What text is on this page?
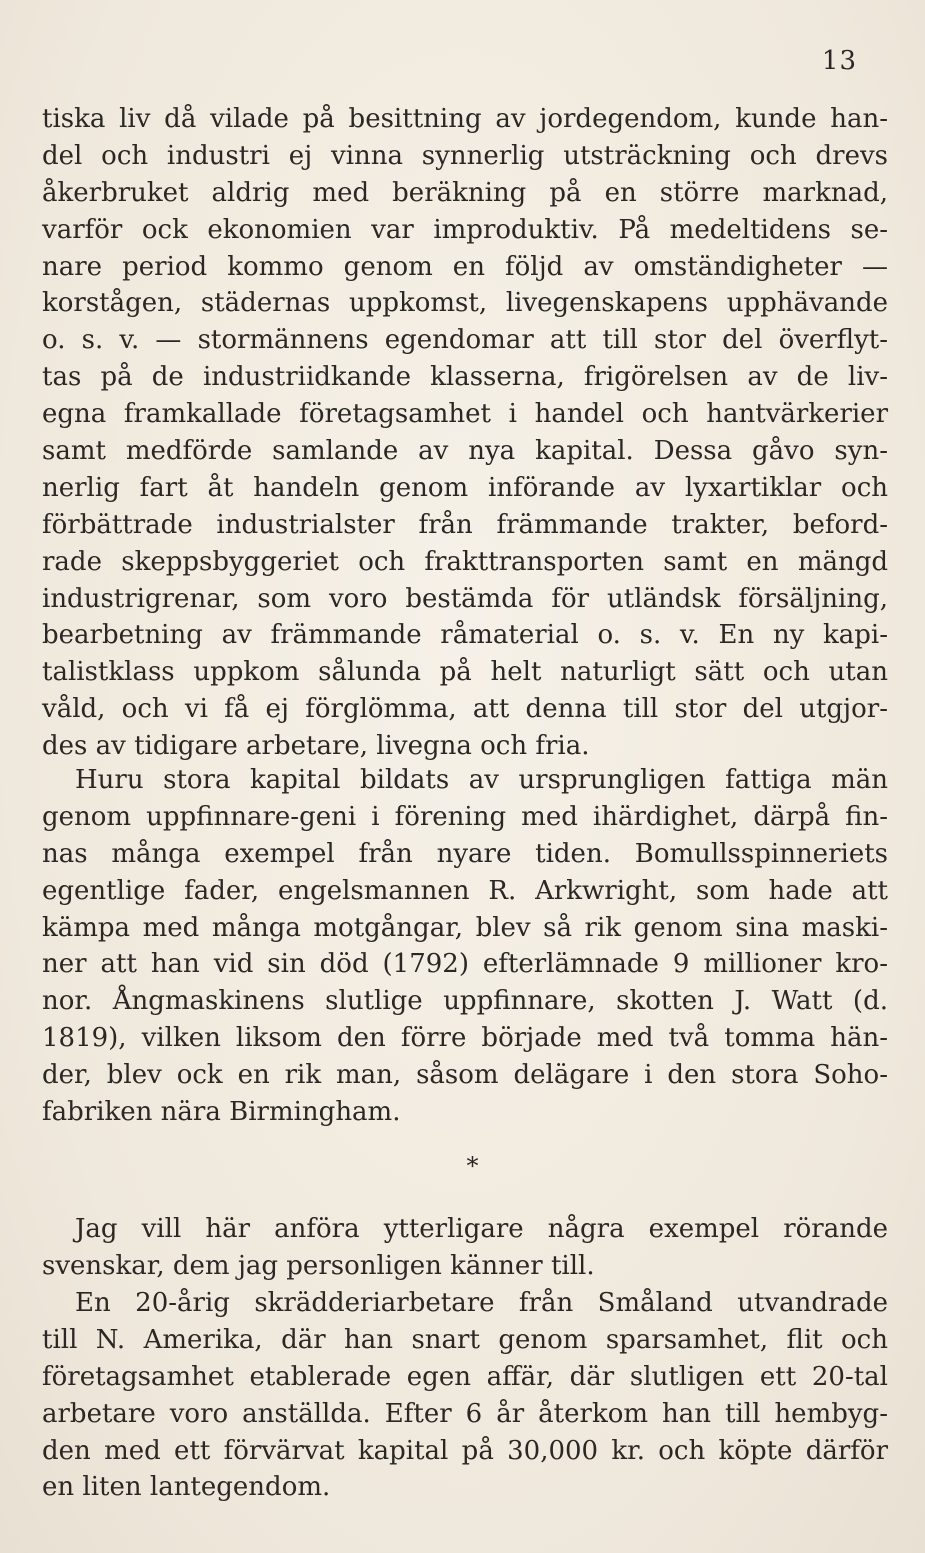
13
tiska liv då vilade på besittning av jordegendom, kunde han-
del och industri ej vinna synnerlig utsträckning och drevs
åkerbruket aldrig med beräkning på en större marknad,
varför ock ekonomien var improduktiv. På medeltidens se-
nare period kommo genom en följd av omständigheter —
korstågen, städernas uppkomst, livegenskapens upphävande
o. s. v. — stormännens egendomar att till stor del överflyt-
tas på de industriidkande klasserna, frigörelsen av de liv-
egna framkallade företagsamhet i handel och hantvärkerier
samt medförde samlande av nya kapital. Dessa gåvo syn-
nerlig fart åt handeln genom införande av lyxartiklar och
förbättrade industrialster från främmande trakter, beford-
rade skeppsbyggeriet och frakttransporten samt en mängd
industrigrenar, som voro bestämda för utländsk försäljning,
bearbetning av främmande råmaterial o. s. v. En ny kapi-
talistklass uppkom sålunda på helt naturligt sätt och utan
våld, och vi få ej förglömma, att denna till stor del utgjor-
des av tidigare arbetare, livegna och fria.
Huru stora kapital bildats av ursprungligen fattiga män
genom uppfinnare-geni i förening med ihärdighet, därpå fin-
nas många exempel från nyare tiden. Bomullsspinneriets
egentlige fader, engelsmannen R. Arkwright, som hade att
kämpa med många motgångar, blev så rik genom sina maski-
ner att han vid sin död (1792) efterlämnade 9 millioner kro-
nor. Ångmaskinens slutlige uppfinnare, skotten J. Watt (d.
1819), vilken liksom den förre började med två tomma hän-
der, blev ock en rik man, såsom delägare i den stora Soho-
fabriken nära Birmingham.
*
Jag vill här anföra ytterligare några exempel rörande
svenskar, dem jag personligen känner till.
En 20-årig skrädderiarbetare från Småland utvandrade
till N. Amerika, där han snart genom sparsamhet, flit och
företagsamhet etablerade egen affär, där slutligen ett 20-tal
arbetare voro anställda. Efter 6 år återkom han till hembyg-
den med ett förvärvat kapital på 30,000 kr. och köpte därför
en liten lantegendom.
